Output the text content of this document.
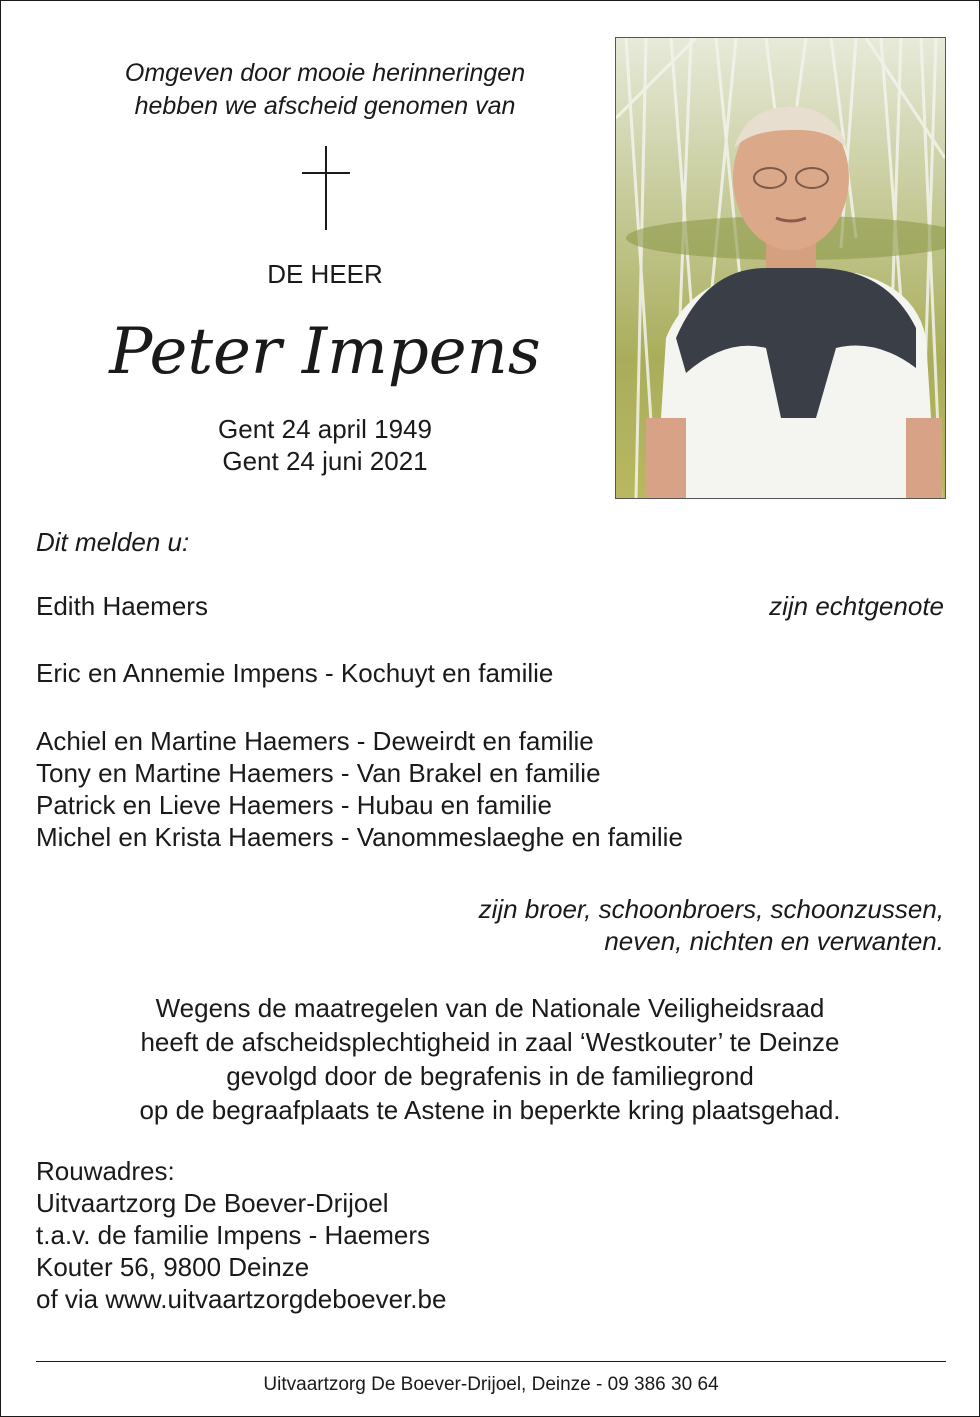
Omgeven door mooie herinneringen
hebben we afscheid genomen van
DE HEER
Peter Impens
Gent 24 april 1949
Gent 24 juni 2021
Dit melden u:
Edith Haemers	zijn echtgenote
Eric en Annemie Impens - Kochuyt en familie
Achiel en Martine Haemers - Deweirdt en familie
Tony en Martine Haemers - Van Brakel en familie
Patrick en Lieve Haemers - Hubau en familie
Michel en Krista Haemers - Vanommeslaeghe en familie
zijn broer, schoonbroers, schoonzussen,
neven, nichten en verwanten.
Wegens de maatregelen van de Nationale Veiligheidsraad
heeft de afscheidsplechtigheid in zaal ‘Westkouter’ te Deinze
gevolgd door de begrafenis in de familiegrond
op de begraafplaats te Astene in beperkte kring plaatsgehad.
Rouwadres:
Uitvaartzorg De Boever-Drijoel
t.a.v. de familie Impens - Haemers
Kouter 56, 9800 Deinze
of via www.uitvaartzorgdeboever.be
Uitvaartzorg De Boever-Drijoel, Deinze - 09 386 30 64
